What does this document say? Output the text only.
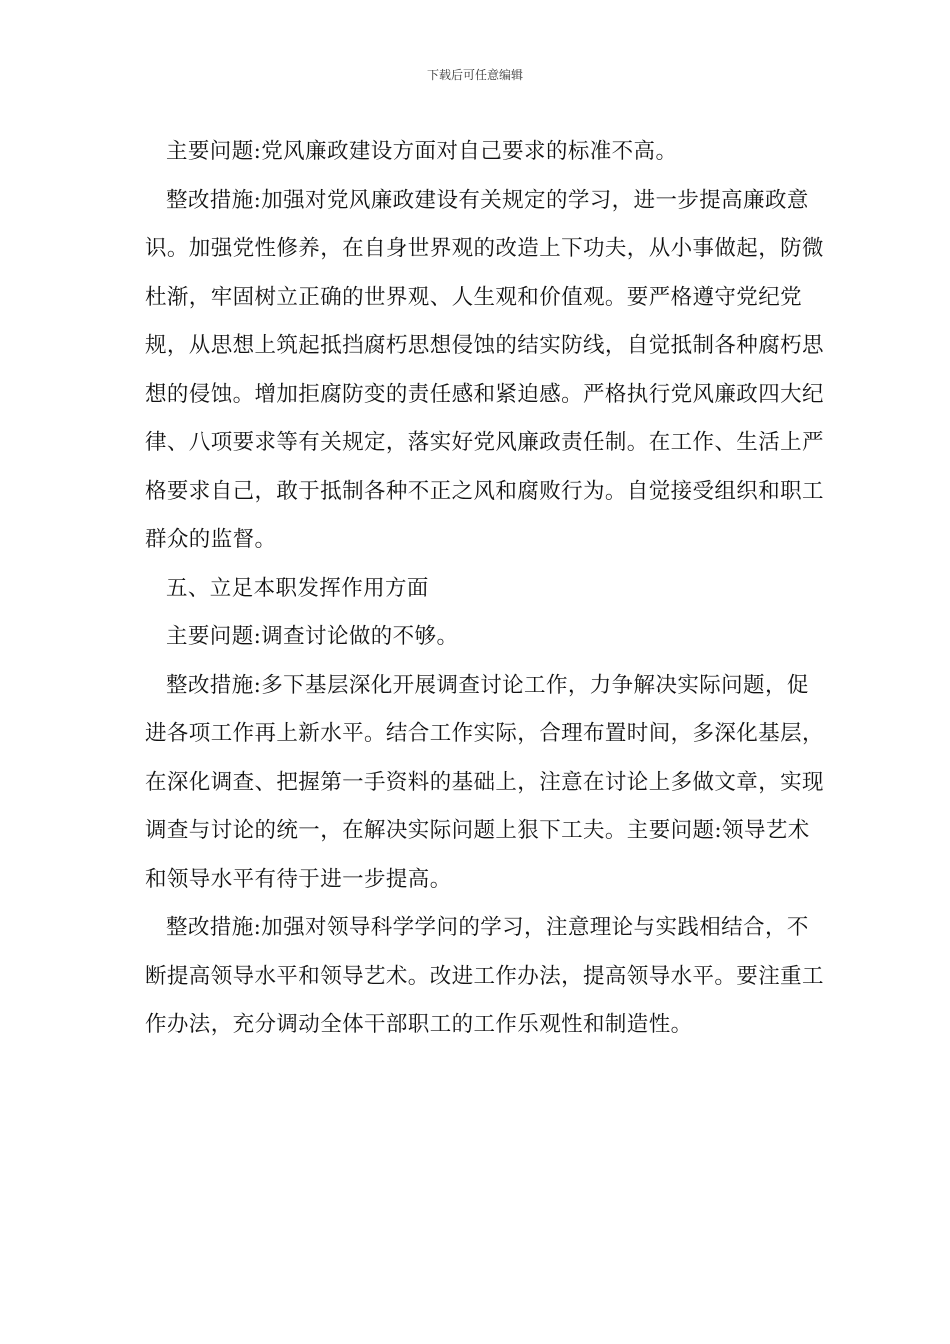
下载后可任意编辑

主要问题:党风廉政建设方面对自己要求的标准不高。

整改措施:加强对党风廉政建设有关规定的学习，进一步提高廉政意识。加强党性修养，在自身世界观的改造上下功夫，从小事做起，防微杜渐，牢固树立正确的世界观、人生观和价值观。要严格遵守党纪党规，从思想上筑起抵挡腐朽思想侵蚀的结实防线，自觉抵制各种腐朽思想的侵蚀。增加拒腐防变的责任感和紧迫感。严格执行党风廉政四大纪律、八项要求等有关规定，落实好党风廉政责任制。在工作、生活上严格要求自己，敢于抵制各种不正之风和腐败行为。自觉接受组织和职工群众的监督。

五、立足本职发挥作用方面

主要问题:调查讨论做的不够。

整改措施:多下基层深化开展调查讨论工作，力争解决实际问题，促进各项工作再上新水平。结合工作实际，合理布置时间，多深化基层，在深化调查、把握第一手资料的基础上，注意在讨论上多做文章，实现调查与讨论的统一，在解决实际问题上狠下工夫。主要问题:领导艺术和领导水平有待于进一步提高。

整改措施:加强对领导科学学问的学习，注意理论与实践相结合，不断提高领导水平和领导艺术。改进工作办法，提高领导水平。要注重工作办法，充分调动全体干部职工的工作乐观性和制造性。
